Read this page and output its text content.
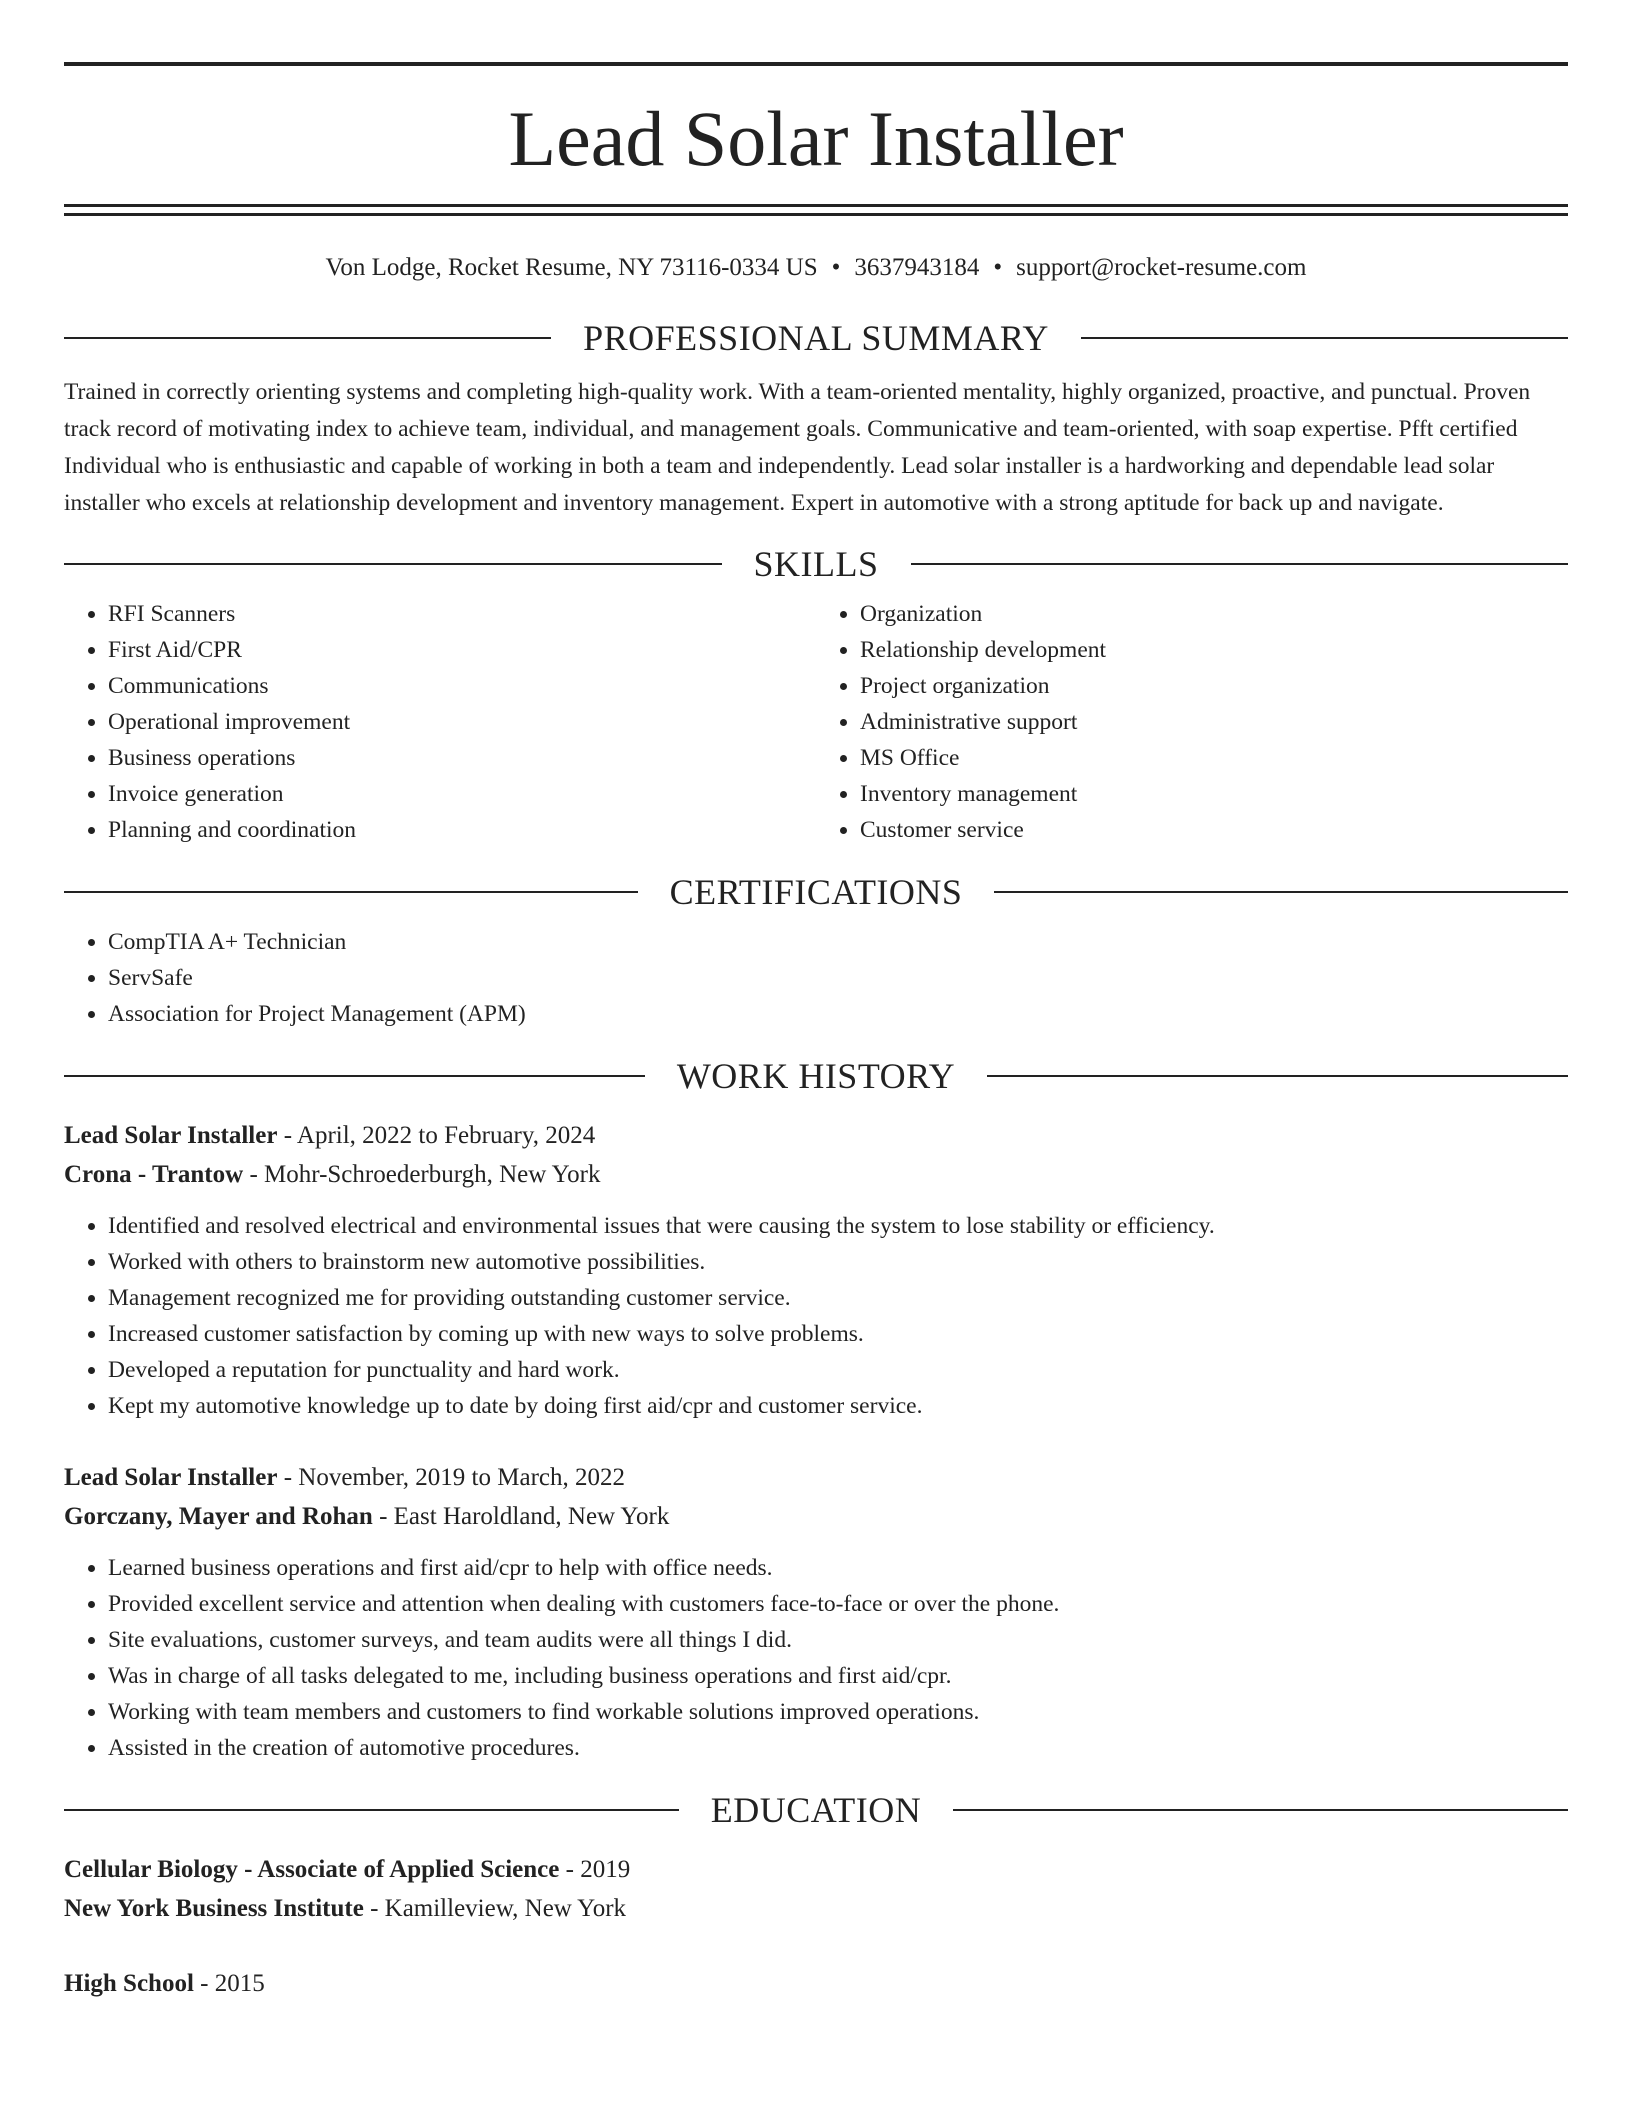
Lead Solar Installer
Von Lodge, Rocket Resume, NY 73116-0334 US • 3637943184 • support@rocket-resume.com
PROFESSIONAL SUMMARY
Trained in correctly orienting systems and completing high-quality work. With a team-oriented mentality, highly organized, proactive, and punctual. Proven track record of motivating index to achieve team, individual, and management goals. Communicative and team-oriented, with soap expertise. Pfft certified Individual who is enthusiastic and capable of working in both a team and independently. Lead solar installer is a hardworking and dependable lead solar installer who excels at relationship development and inventory management. Expert in automotive with a strong aptitude for back up and navigate.
SKILLS
• RFI Scanners
• First Aid/CPR
• Communications
• Operational improvement
• Business operations
• Invoice generation
• Planning and coordination
• Organization
• Relationship development
• Project organization
• Administrative support
• MS Office
• Inventory management
• Customer service
CERTIFICATIONS
• CompTIA A+ Technician
• ServSafe
• Association for Project Management (APM)
WORK HISTORY
Lead Solar Installer - April, 2022 to February, 2024
Crona - Trantow - Mohr-Schroederburgh, New York
• Identified and resolved electrical and environmental issues that were causing the system to lose stability or efficiency.
• Worked with others to brainstorm new automotive possibilities.
• Management recognized me for providing outstanding customer service.
• Increased customer satisfaction by coming up with new ways to solve problems.
• Developed a reputation for punctuality and hard work.
• Kept my automotive knowledge up to date by doing first aid/cpr and customer service.
Lead Solar Installer - November, 2019 to March, 2022
Gorczany, Mayer and Rohan - East Haroldland, New York
• Learned business operations and first aid/cpr to help with office needs.
• Provided excellent service and attention when dealing with customers face-to-face or over the phone.
• Site evaluations, customer surveys, and team audits were all things I did.
• Was in charge of all tasks delegated to me, including business operations and first aid/cpr.
• Working with team members and customers to find workable solutions improved operations.
• Assisted in the creation of automotive procedures.
EDUCATION
Cellular Biology - Associate of Applied Science - 2019
New York Business Institute - Kamilleview, New York
High School - 2015
